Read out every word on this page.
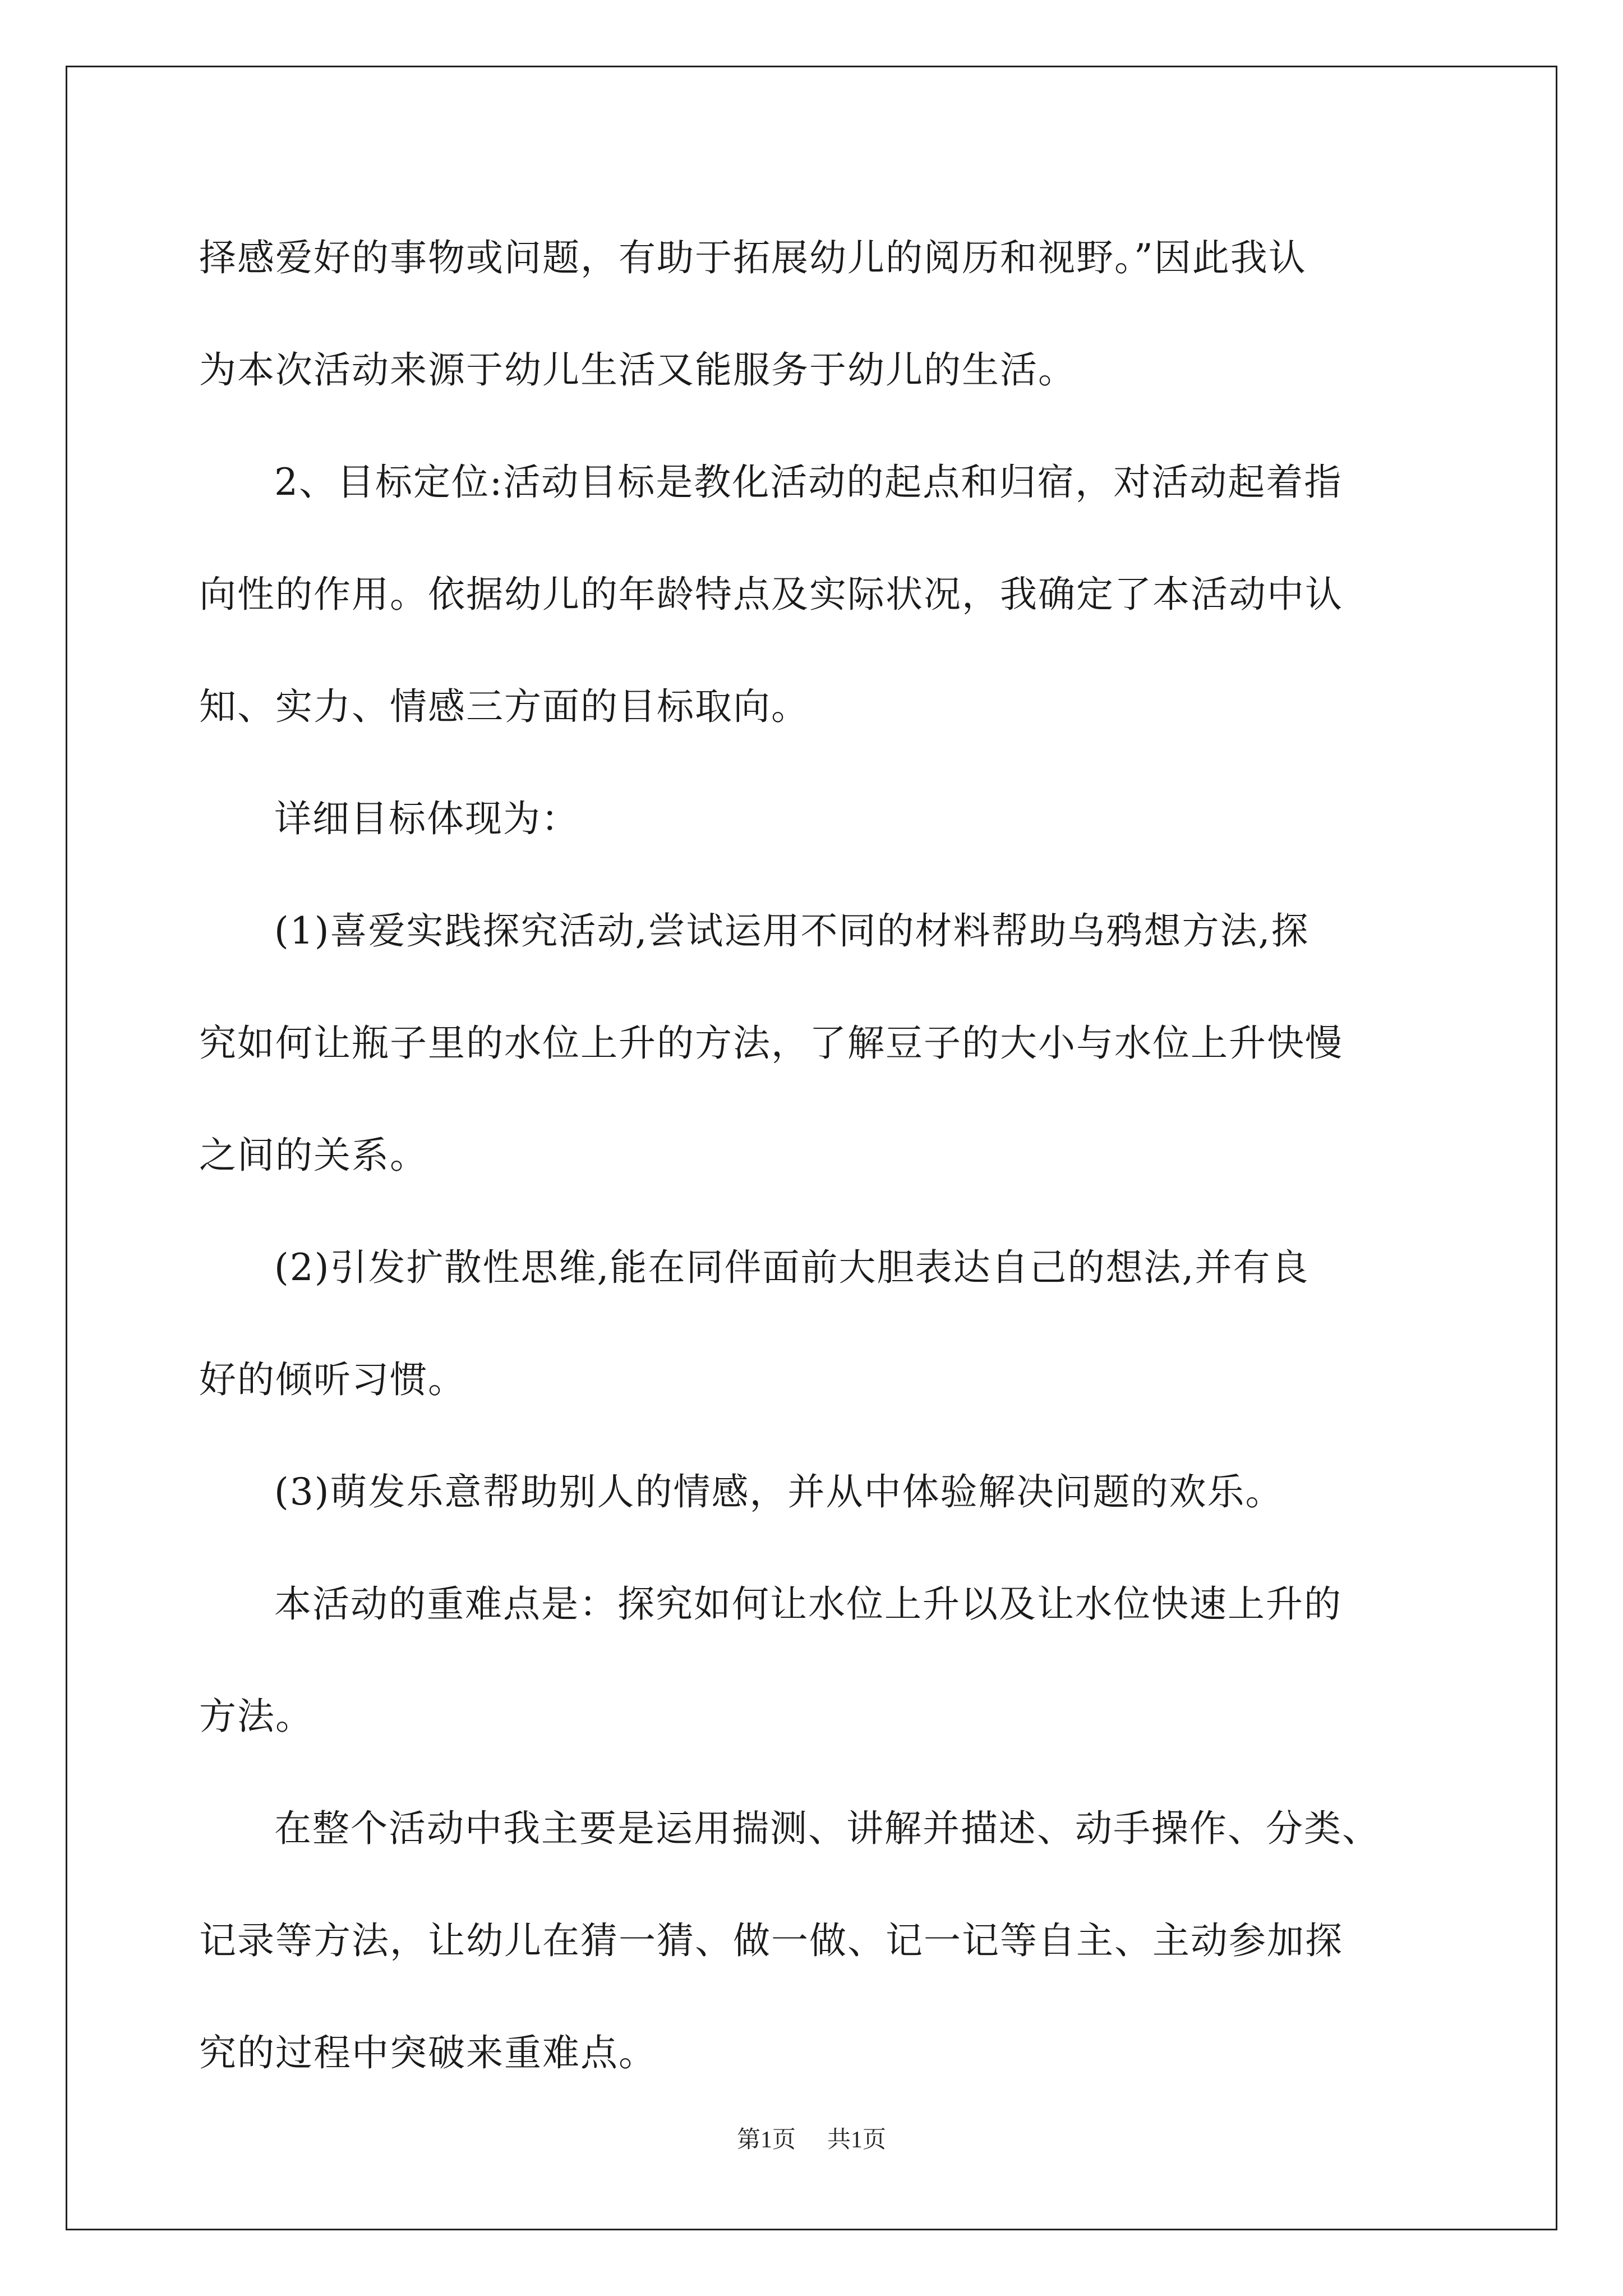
择感爱好的事物或问题，有助于拓展幼儿的阅历和视野。”因此我认
为本次活动来源于幼儿生活又能服务于幼儿的生活。
2、目标定位:活动目标是教化活动的起点和归宿，对活动起着指
向性的作用。依据幼儿的年龄特点及实际状况，我确定了本活动中认
知、实力、情感三方面的目标取向。
详细目标体现为：
(1)喜爱实践探究活动,尝试运用不同的材料帮助乌鸦想方法,探
究如何让瓶子里的水位上升的方法，了解豆子的大小与水位上升快慢
之间的关系。
(2)引发扩散性思维,能在同伴面前大胆表达自己的想法,并有良
好的倾听习惯。
(3)萌发乐意帮助别人的情感，并从中体验解决问题的欢乐。
本活动的重难点是：探究如何让水位上升以及让水位快速上升的
方法。
在整个活动中我主要是运用揣测、讲解并描述、动手操作、分类、
记录等方法，让幼儿在猜一猜、做一做、记一记等自主、主动参加探
究的过程中突破来重难点。
第1页 共1页
